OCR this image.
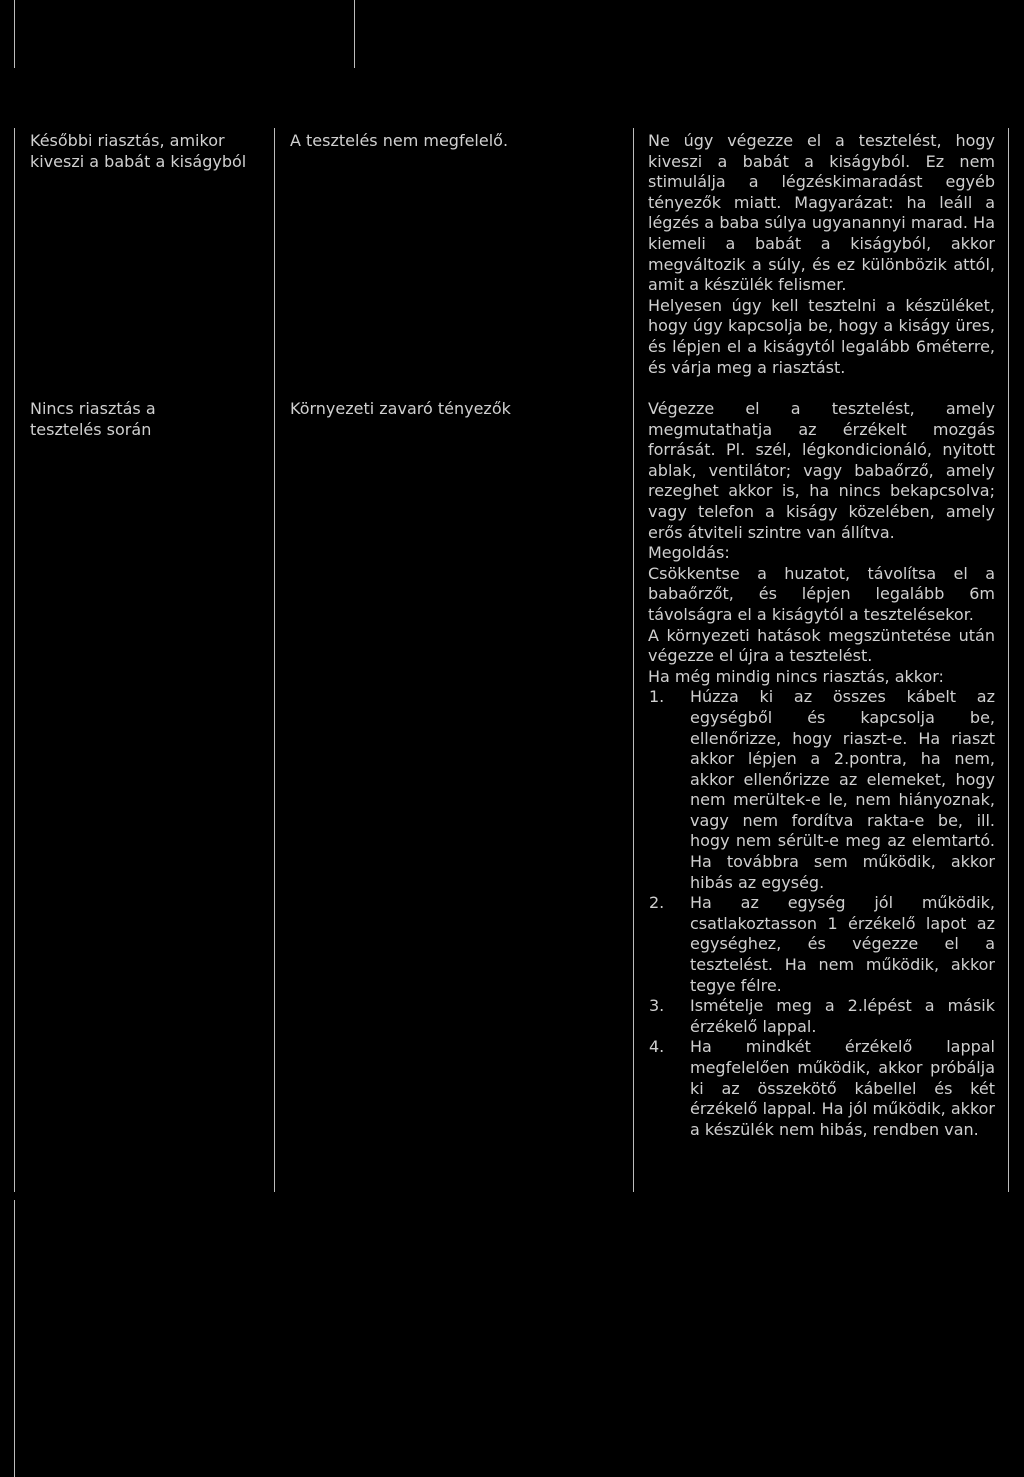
Későbbi riasztás, amikor kiveszi a babát a kiságyból
A tesztelés nem megfelelő.	Ne úgy végezze el a tesztelést, hogy kiveszi a babát a kiságyból. Ez nem stimulálja a légzéskimaradást egyéb tényezők miatt. Magyarázat: ha leáll a légzés a baba súlya ugyanannyi marad. Ha kiemeli a babát a kiságyból, akkor megváltozik a súly, és ez különbözik attól, amit a készülék felismer.

Helyesen úgy kell tesztelni a készüléket, hogy úgy kapcsolja be, hogy a kiságy üres, és lépjen el a kiságytól legalább 6méterre, és várja meg a riasztást.

Nincs riasztás a tesztelés során
Környezeti zavaró tényezők	Végezze el a tesztelést, amely megmutathatja az érzékelt mozgás forrását. Pl. szél, légkondicionáló, nyitott ablak, ventilátor; vagy babaőrző, amely rezeghet akkor is, ha nincs bekapcsolva; vagy telefon a kiságy közelében, amely erős átviteli szintre van állítva.

Megoldás:

Csökkentse a huzatot, távolítsa el a babaőrzőt, és lépjen legalább 6m távolságra el a kiságytól a tesztelésekor.

A környezeti hatások megszüntetése után végezze el újra a tesztelést.

Ha még mindig nincs riasztás, akkor:

1. Húzza ki az összes kábelt az egységből és kapcsolja be, ellenőrizze, hogy riaszt-e. Ha riaszt akkor lépjen a 2.pontra, ha nem, akkor ellenőrizze az elemeket, hogy nem merültek-e le, nem hiányoznak, vagy nem fordítva rakta-e be, ill. hogy nem sérült-e meg az elemtartó. Ha továbbra sem működik, akkor hibás az egység.
2. Ha az egység jól működik, csatlakoztasson 1 érzékelő lapot az egységhez, és végezze el a tesztelést. Ha nem működik, akkor tegye félre.
3. Ismételje meg a 2.lépést a másik érzékelő lappal.
4. Ha mindkét érzékelő lappal megfelelően működik, akkor próbálja ki az összekötő kábellel és két érzékelő lappal. Ha jól működik, akkor a készülék nem hibás, rendben van.
